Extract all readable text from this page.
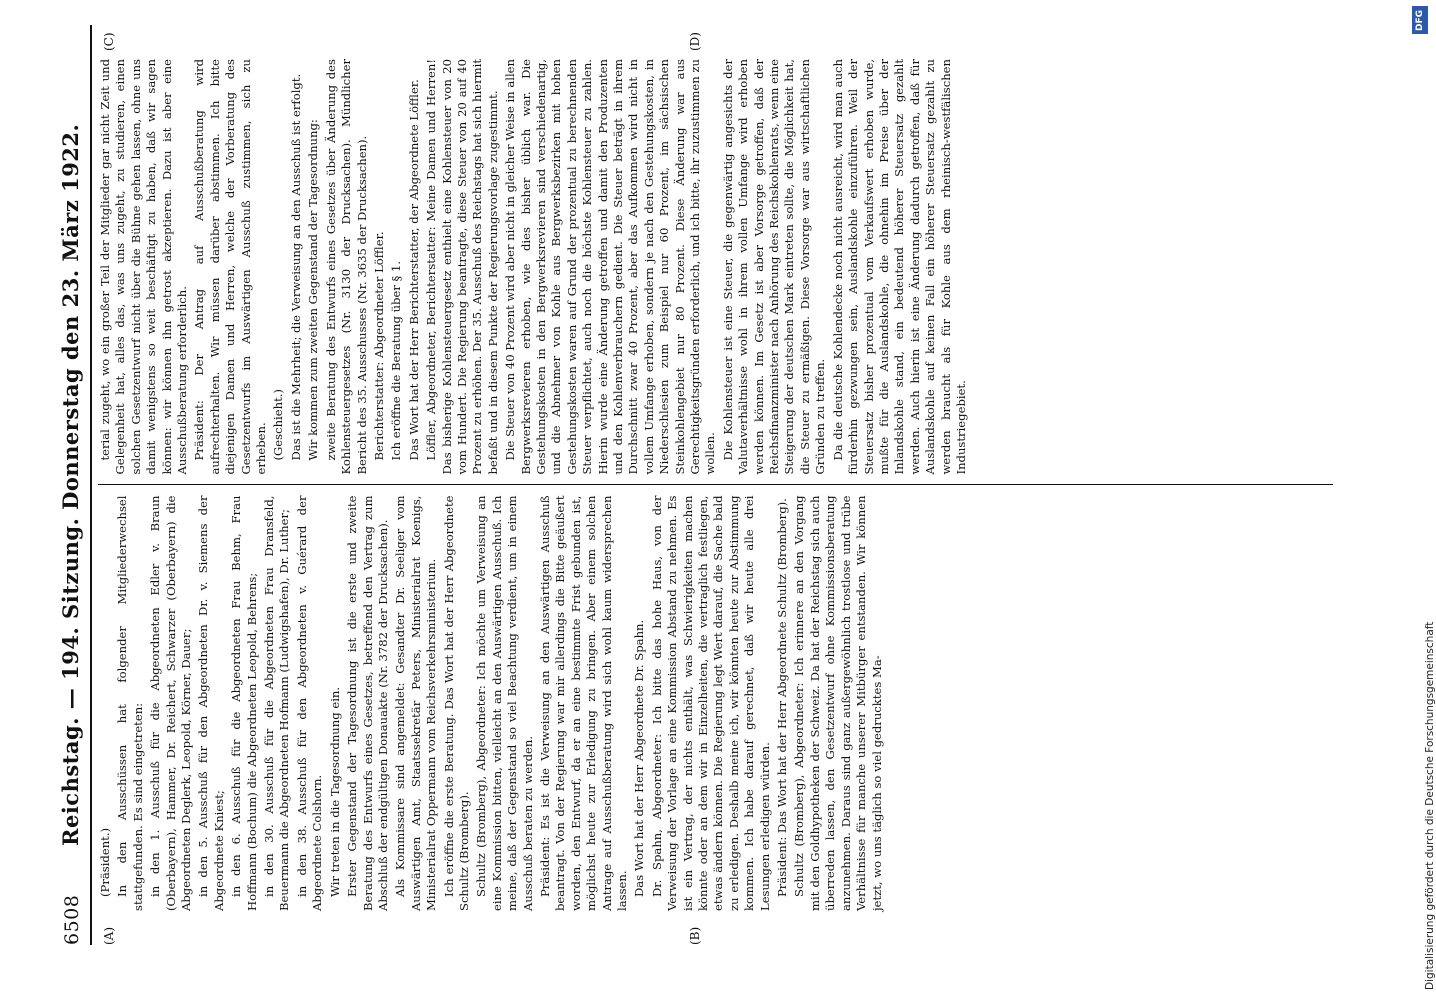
6508
Reichstag. — 194. Sitzung. Donnerstag den 23. März 1922.
(A)	(B)

(Präsident.) In den Ausschüssen hat folgender Mitgliederwechsel stattgefunden. Es sind eingetreten: in den 1. Ausschuß für die Abgeordneten Edler v. Braun (Oberbayern), Hammer, Dr. Reichert, Schwarzer (Oberbayern) die Abgeordneten Deglerk, Leopold, Körner, Dauer; in den 5. Ausschuß für den Abgeordneten Dr. v. Siemens der Abgeordnete Kniest; in den 6. Ausschuß für die Abgeordneten Frau Behm, Frau Hoffmann (Bochum) die Abgeordneten Leopold, Behrens; in den 30. Ausschuß für die Abgeordneten Frau Dransfeld, Beuermann die Abgeordneten Hofmann (Ludwigshafen), Dr. Luther; in den 38. Ausschuß für den Abgeordneten v. Guérard der Abgeordnete Colshorn. Wir treten in die Tagesordnung ein. Erster Gegenstand der Tagesordnung ist die erste und zweite Beratung des Entwurfs eines Gesetzes, betreffend den Vertrag zum Abschluß der endgültigen Donauakte (Nr. 3782 der Drucksachen). Als Kommissare sind angemeldet: Gesandter Dr. Seeliger vom Auswärtigen Amt, Staatssekretär Peters, Ministerialrat Koenigs, Ministerialrat Oppermann vom Reichsverkehrsministerium. Ich eröffne die erste Beratung. Das Wort hat der Herr Abgeordnete Schultz (Bromberg). Schultz (Bromberg), Abgeordneter: Ich möchte um Verweisung an eine Kommission bitten, vielleicht an den Auswärtigen Ausschuß. Ich meine, daß der Gegenstand so viel Beachtung verdient, um in einem Ausschuß beraten zu werden. Präsident: Es ist die Verweisung an den Auswärtigen Ausschuß beantragt. Von der Regierung war mir allerdings die Bitte geäußert worden, den Entwurf, da er an eine bestimmte Frist gebunden ist, möglichst heute zur Erledigung zu bringen. Aber einem solchen Antrage auf Ausschußberatung wird sich wohl kaum widersprechen lassen. Das Wort hat der Herr Abgeordnete Dr. Spahn. Dr. Spahn, Abgeordneter: Ich bitte das hohe Haus, von der Verweisung der Vorlage an eine Kommission Abstand zu nehmen. Es ist ein Vertrag, der nichts enthält, was Schwierigkeiten machen könnte oder an dem wir in Einzelheiten, die vertraglich festliegen, etwas ändern können. Die Regierung legt Wert darauf, die Sache bald zu erledigen. Deshalb meine ich, wir könnten heute zur Abstimmung kommen. Ich habe darauf gerechnet, daß wir heute alle drei Lesungen erledigen würden. Präsident: Das Wort hat der Herr Abgeordnete Schultz (Bromberg). Schultz (Bromberg), Abgeordneter: Ich erinnere an den Vorgang mit den Goldhypotheken der Schweiz. Da hat der Reichstag sich auch überreden lassen, den Gesetzentwurf ohne Kommissionsberatung anzunehmen. Daraus sind ganz außergewöhnlich trostlose und trübe Verhältnisse für manche unserer Mitbürger entstanden. Wir können jetzt, wo uns täglich so viel gedrucktes Ma-

terial zugeht, wo ein großer Teil der Mitglieder gar nicht Zeit und Gelegenheit hat, alles das, was uns zugeht, zu studieren, einen solchen Gesetzentwurf nicht über die Bühne gehen lassen, ohne uns damit wenigstens so weit beschäftigt zu haben, daß wir sagen können: wir können ihn getrost akzeptieren. Dazu ist aber eine Ausschußberatung erforderlich. Präsident: Der Antrag auf Ausschußberatung wird aufrechterhalten. Wir müssen darüber abstimmen. Ich bitte diejenigen Damen und Herren, welche der Vorberatung des Gesetzentwurfs im Auswärtigen Ausschuß zustimmen, sich zu erheben. (Geschieht.) Das ist die Mehrheit; die Verweisung an den Ausschuß ist erfolgt. Wir kommen zum zweiten Gegenstand der Tagesordnung: zweite Beratung des Entwurfs eines Gesetzes über Änderung des Kohlensteuergesetzes (Nr. 3130 der Drucksachen). Mündlicher Bericht des 35. Ausschusses (Nr. 3635 der Drucksachen). Berichterstatter: Abgeordneter Löffler. Ich eröffne die Beratung über § 1. Das Wort hat der Herr Berichterstatter, der Abgeordnete Löffler. Löffler, Abgeordneter, Berichterstatter: Meine Damen und Herren! Das bisherige Kohlensteuergesetz enthielt eine Kohlensteuer von 20 vom Hundert. Die Regierung beantragte, diese Steuer von 20 auf 40 Prozent zu erhöhen. Der 35. Ausschuß des Reichstags hat sich hiermit befaßt und in diesem Punkte der Regierungsvorlage zugestimmt. Die Steuer von 40 Prozent wird aber nicht in gleicher Weise in allen Bergwerksrevieren erhoben, wie dies bisher üblich war. Die Gestehungskosten in den Bergwerksrevieren sind verschiedenartig, und die Abnehmer von Kohle aus Bergwerksbezirken mit hohen Gestehungskosten waren auf Grund der prozentual zu berechnenden Steuer verpflichtet, auch noch die höchste Kohlensteuer zu zahlen. Hierin wurde eine Änderung getroffen und damit den Produzenten und den Kohlenverbrauchern gedient. Die Steuer beträgt in ihrem Durchschnitt zwar 40 Prozent, aber das Aufkommen wird nicht in vollem Umfange erhoben, sondern je nach den Gestehungskosten, in Niederschlesien zum Beispiel nur 60 Prozent, im sächsischen Steinkohlengebiet nur 80 Prozent. Diese Änderung war aus Gerechtigkeitsgründen erforderlich, und ich bitte, ihr zuzustimmen zu wollen. Die Kohlensteuer ist eine Steuer, die gegenwärtig angesichts der Valutaverhältnisse wohl in ihrem vollen Umfange wird erhoben werden können. Im Gesetz ist aber Vorsorge getroffen, daß der Reichsfinanzminister nach Anhörung des Reichskohlenrats, wenn eine Steigerung der deutschen Mark eintreten sollte, die Möglichkeit hat, die Steuer zu ermäßigen. Diese Vorsorge war aus wirtschaftlichen Gründen zu treffen. Da die deutsche Kohlendecke noch nicht ausreicht, wird man auch fürderhin gezwungen sein, Auslandskohle einzuführen. Weil der Steuersatz bisher prozentual vom Verkaufswert erhoben wurde, mußte für die Auslandskohle, die ohnehin im Preise über der Inlandskohle stand, ein bedeutend höherer Steuersatz gezahlt werden. Auch hierin ist eine Änderung dadurch getroffen, daß für Auslandskohle auf keinen Fall ein höherer Steuersatz gezahlt zu werden braucht als für Kohle aus dem rheinisch-westfälischen Industriegebiet.

(C)	(D)
DFG
Digitalisierung gefördert durch die Deutsche Forschungsgemeinschaft
